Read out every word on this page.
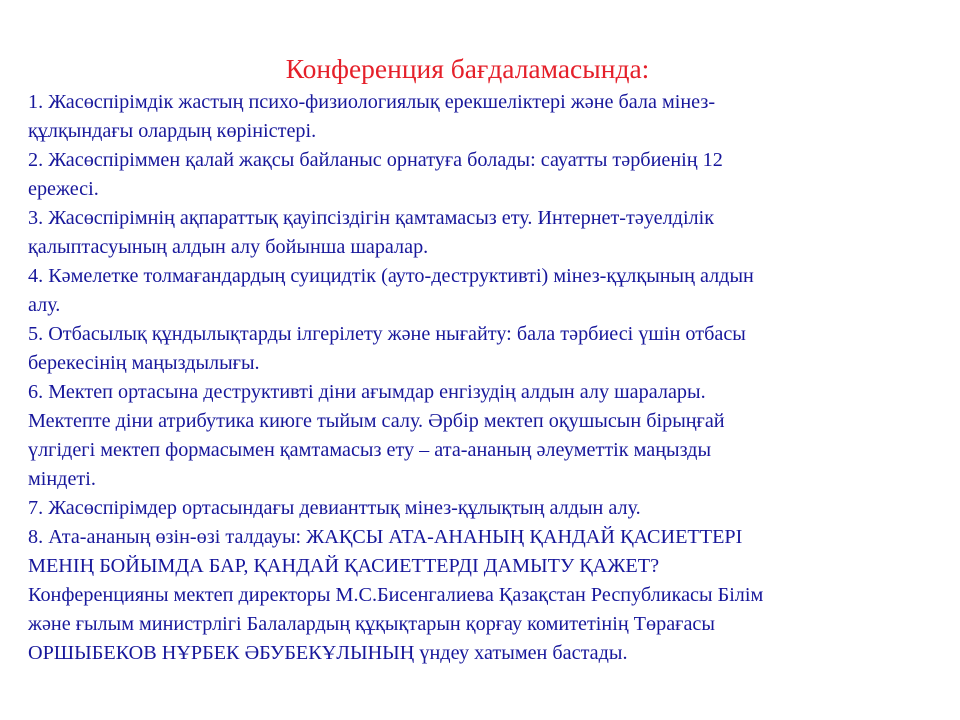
Конференция бағдаламасында:
1. Жасөспірімдік жастың психо-физиологиялық ерекшеліктері және бала мінез-
құлқындағы олардың көріністері.
2. Жасөспіріммен қалай жақсы байланыс орнатуға болады: сауатты тәрбиенің 12
ережесі.
3. Жасөспірімнің ақпараттық қауіпсіздігін қамтамасыз ету. Интернет-тәуелділік
қалыптасуының алдын алу бойынша шаралар.
4. Кәмелетке толмағандардың суицидтік (ауто-деструктивті) мінез-құлқының алдын
алу.
5. Отбасылық құндылықтарды ілгерілету және нығайту: бала тәрбиесі үшін отбасы
берекесінің маңыздылығы.
6. Мектеп ортасына деструктивті діни ағымдар енгізудің алдын алу шаралары.
Мектепте діни атрибутика киюге тыйым салу. Әрбір мектеп оқушысын бірыңғай
үлгідегі мектеп формасымен қамтамасыз ету – ата-ананың әлеуметтік маңызды
міндеті.
7. Жасөспірімдер ортасындағы девианттық мінез-құлықтың алдын алу.
8. Ата-ананың өзін-өзі талдауы: ЖАҚСЫ АТА-АНАНЫҢ ҚАНДАЙ ҚАСИЕТТЕРІ
МЕНІҢ БОЙЫМДА БАР, ҚАНДАЙ ҚАСИЕТТЕРДІ ДАМЫТУ ҚАЖЕТ?
Конференцияны мектеп директоры М.С.Бисенгалиева Қазақстан Республикасы Білім
және ғылым министрлігі Балалардың құқықтарын қорғау комитетінің Төрағасы
ОРШЫБЕКОВ НҰРБЕК ӘБУБЕКҰЛЫНЫҢ үндеу хатымен бастады.
